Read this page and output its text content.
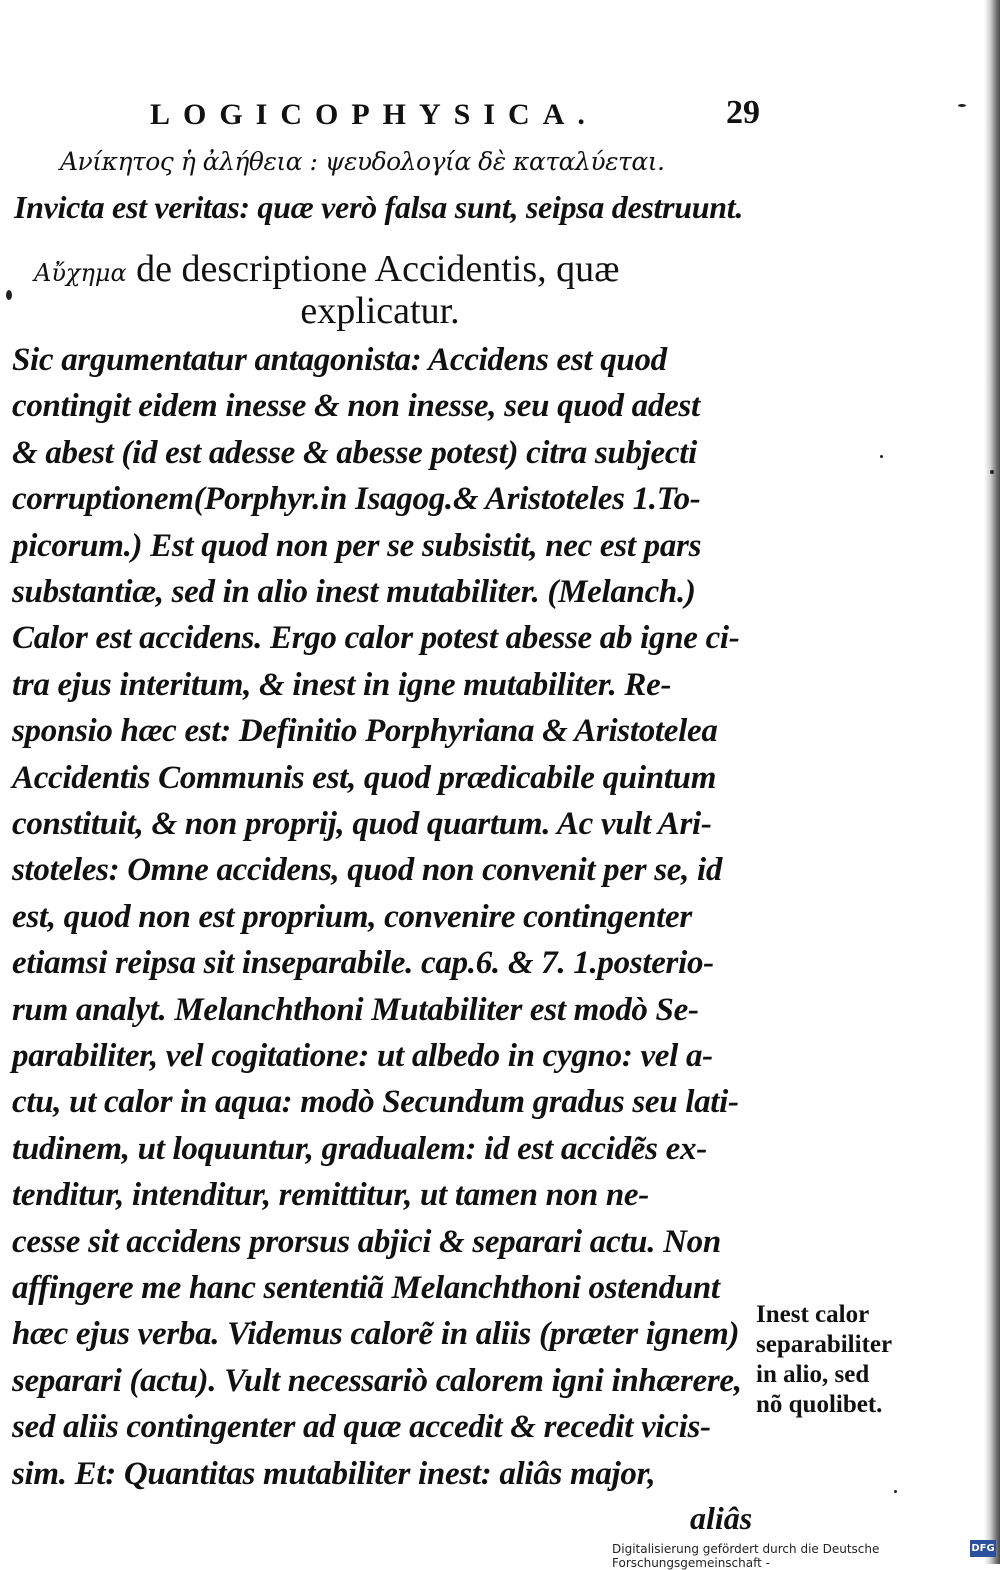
LOGICOPHYSICA.	29
Ανίκητος ἡ ἀλήθεια : ψευδολογία δὲ καταλύεται.
Invicta est veritas: quæ verò falsa sunt, seipsa destruunt.
Αὔχημα de descriptione Accidentis, quæ
explicatur.
Sic argumentatur antagonista: Accidens est quod
contingit eidem inesse & non inesse, seu quod adest
& abest (id est adesse & abesse potest) citra subjecti
corruptionem(Porphyr.in Isagog.& Aristoteles 1.To-
picorum.) Est quod non per se subsistit, nec est pars
substantiæ, sed in alio inest mutabiliter. (Melanch.)
Calor est accidens. Ergo calor potest abesse ab igne ci-
tra ejus interitum, & inest in igne mutabiliter. Re-
sponsio hæc est: Definitio Porphyriana & Aristotelea
Accidentis Communis est, quod prædicabile quintum
constituit, & non proprij, quod quartum. Ac vult Ari-
stoteles: Omne accidens, quod non convenit per se, id
est, quod non est proprium, convenire contingenter
etiamsi reipsa sit inseparabile. cap.6. & 7. 1.posterio-
rum analyt. Melanchthoni Mutabiliter est modò Se-
parabiliter, vel cogitatione: ut albedo in cygno: vel a-
ctu, ut calor in aqua: modò Secundum gradus seu lati-
tudinem, ut loquuntur, gradualem: id est accidẽs ex-
tenditur, intenditur, remittitur, ut tamen non ne-
cesse sit accidens prorsus abjici & separari actu. Non
affingere me hanc sententiã Melanchthoni ostendunt
hæc ejus verba. Videmus calorẽ in aliis (præter ignem)
separari (actu). Vult necessariò calorem igni inhærere,
sed aliis contingenter ad quæ accedit & recedit vicis-
sim. Et: Quantitas mutabiliter inest: aliâs major,
aliâs
Inest calor
separabiliter
in alio, sed
nõ quolibet.
Digitalisierung gefördert durch die Deutsche Forschungsgemeinschaft -
DFG
